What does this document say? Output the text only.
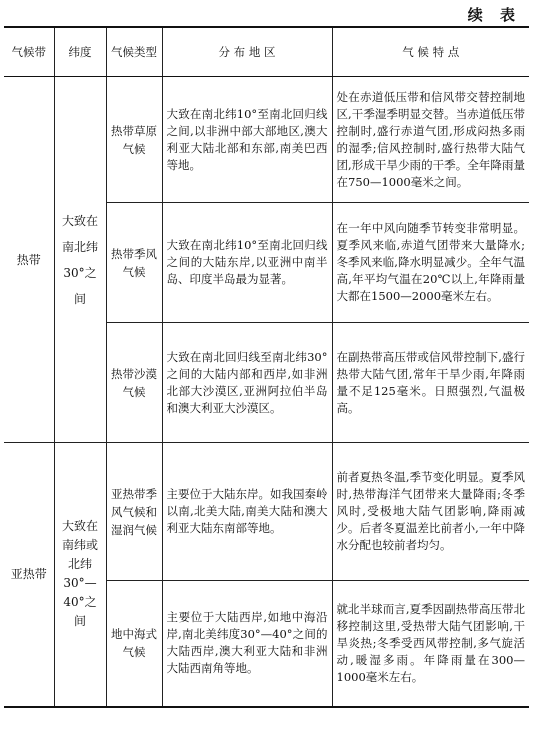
续 表
气候带	纬度	气候类型	分 布 地 区	气 候 特 点
热带	大致在南北纬30°之间	热带草原气候	大致在南北纬10°至南北回归线之间,以非洲中部大部地区,澳大利亚大陆北部和东部,南美巴西等地。	处在赤道低压带和信风带交替控制地区,干季湿季明显交替。当赤道低压带控制时,盛行赤道气团,形成闷热多雨的湿季;信风控制时,盛行热带大陆气团,形成干旱少雨的干季。全年降雨量在750—1000毫米之间。
		热带季风气候	大致在南北纬10°至南北回归线之间的大陆东岸,以亚洲中南半岛、印度半岛最为显著。	在一年中风向随季节转变非常明显。夏季风来临,赤道气团带来大量降水;冬季风来临,降水明显减少。全年气温高,年平均气温在20℃以上,年降雨量大都在1500—2000毫米左右。
		热带沙漠气候	大致在南北回归线至南北纬30°之间的大陆内部和西岸,如非洲北部大沙漠区,亚洲阿拉伯半岛和澳大利亚大沙漠区。	在副热带高压带或信风带控制下,盛行热带大陆气团,常年干旱少雨,年降雨量不足125毫米。日照强烈,气温极高。
亚热带	大致在南纬或北纬30°—40°之间	亚热带季风气候和湿润气候	主要位于大陆东岸。如我国秦岭以南,北美大陆,南美大陆和澳大利亚大陆东南部等地。	前者夏热冬温,季节变化明显。夏季风时,热带海洋气团带来大量降雨;冬季风时,受极地大陆气团影响,降雨减少。后者冬夏温差比前者小,一年中降水分配也较前者均匀。
		地中海式气候	主要位于大陆西岸,如地中海沿岸,南北美纬度30°—40°之间的大陆西岸,澳大利亚大陆和非洲大陆西南角等地。	就北半球而言,夏季因副热带高压带北移控制这里,受热带大陆气团影响,干旱炎热;冬季受西风带控制,多气旋活动,暖湿多雨。年降雨量在300—1000毫米左右。
